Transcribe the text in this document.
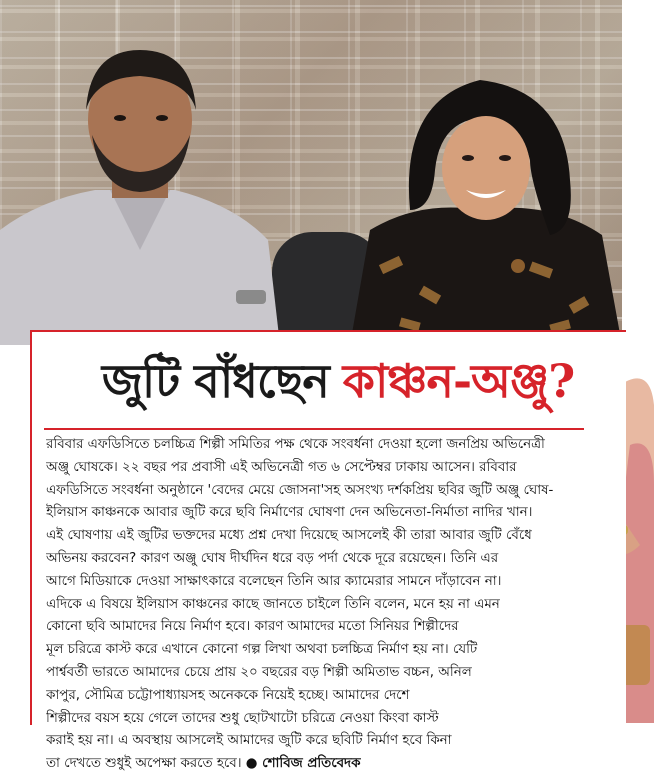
জুটি বাঁধছেন কাঞ্চন-অঞ্জু?
রবিবার এফডিসিতে চলচ্চিত্র শিল্পী সমিতির পক্ষ থেকে সংবর্ধনা দেওয়া হলো জনপ্রিয় অভিনেত্রী
অঞ্জু ঘোষকে। ২২ বছর পর প্রবাসী এই অভিনেত্রী গত ৬ সেপ্টেম্বর ঢাকায় আসেন। রবিবার
এফডিসিতে সংবর্ধনা অনুষ্ঠানে 'বেদের মেয়ে জোসনা'সহ অসংখ্য দর্শকপ্রিয় ছবির জুটি অঞ্জু ঘোষ-
ইলিয়াস কাঞ্চনকে আবার জুটি করে ছবি নির্মাণের ঘোষণা দেন অভিনেতা-নির্মাতা নাদির খান।
এই ঘোষণায় এই জুটির ভক্তদের মধ্যে প্রশ্ন দেখা দিয়েছে আসলেই কী তারা আবার জুটি বেঁধে
অভিনয় করবেন? কারণ অঞ্জু ঘোষ দীর্ঘদিন ধরে বড় পর্দা থেকে দূরে রয়েছেন। তিনি এর
আগে মিডিয়াকে দেওয়া সাক্ষাৎকারে বলেছেন তিনি আর ক্যামেরার সামনে দাঁড়াবেন না।
এদিকে এ বিষয়ে ইলিয়াস কাঞ্চনের কাছে জানতে চাইলে তিনি বলেন, মনে হয় না এমন
কোনো ছবি আমাদের নিয়ে নির্মাণ হবে। কারণ আমাদের মতো সিনিয়র শিল্পীদের
মূল চরিত্রে কাস্ট করে এখানে কোনো গল্প লিখা অথবা চলচ্চিত্র নির্মাণ হয় না। যেটি
পার্শ্ববর্তী ভারতে আমাদের চেয়ে প্রায় ২০ বছরের বড় শিল্পী অমিতাভ বচ্চন, অনিল
কাপুর, সৌমিত্র চট্টোপাধ্যায়সহ অনেককে নিয়েই হচ্ছে। আমাদের দেশে
শিল্পীদের বয়স হয়ে গেলে তাদের শুধু ছোটখাটো চরিত্রে নেওয়া কিংবা কাস্ট
করাই হয় না। এ অবস্থায় আসলেই আমাদের জুটি করে ছবিটি নির্মাণ হবে কিনা
তা দেখতে শুধুই অপেক্ষা করতে হবে। ● শোবিজ প্রতিবেদক
